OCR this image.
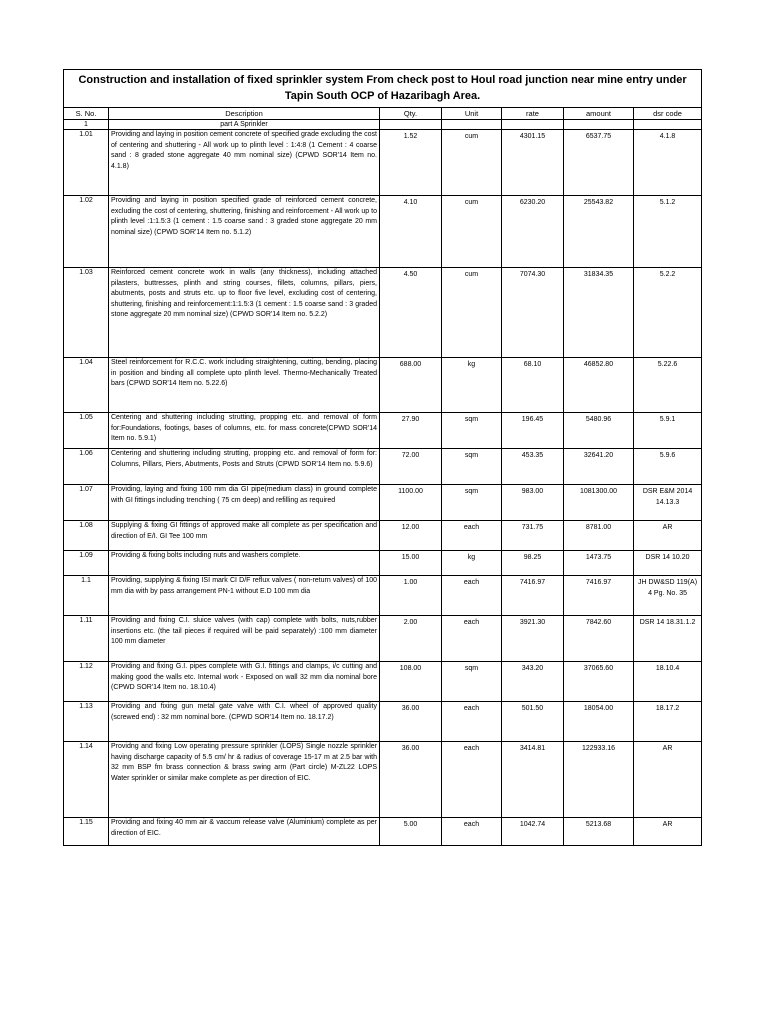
Construction and installation of fixed sprinkler system From check post to Houl road junction near mine entry under Tapin South OCP of Hazaribagh Area.						
S. No.	Description	Qty.	Unit	rate	amount	dsr code
1	part A Sprinkler					
1.01	Providing and laying in position cement concrete of specified grade excluding the cost of centering and shuttering - All work up to plinth level : 1:4:8 (1 Cement : 4 coarse sand : 8 graded stone aggregate 40 mm nominal size) (CPWD SOR'14 Item no. 4.1.8)	1.52	cum	4301.15	6537.75	4.1.8
1.02	Providing and laying in position specified grade of reinforced cement concrete, excluding the cost of centering, shuttering, finishing and reinforcement - All work up to plinth level :1:1.5:3 (1 cement : 1.5 coarse sand : 3 graded stone aggregate 20 mm nominal size) (CPWD SOR'14 Item no. 5.1.2)	4.10	cum	6230.20	25543.82	5.1.2
1.03	Reinforced cement concrete work in walls (any thickness), including attached pilasters, buttresses, plinth and string courses, fillets, columns, pillars, piers, abutments, posts and struts etc. up to floor five level, excluding cost of centering, shuttering, finishing and reinforcement:1:1.5:3 (1 cement : 1.5 coarse sand : 3 graded stone aggregate 20 mm nominal size) (CPWD SOR'14 Item no. 5.2.2)	4.50	cum	7074.30	31834.35	5.2.2
1.04	Steel reinforcement for R.C.C. work including straightening, cutting, bending, placing in position and binding all complete upto plinth level. Thermo-Mechanically Treated bars (CPWD SOR'14 Item no. 5.22.6)	688.00	kg	68.10	46852.80	5.22.6
1.05	Centering and shuttering including strutting, propping etc. and removal of form for:Foundations, footings, bases of columns, etc. for mass concrete(CPWD SOR'14 Item no. 5.9.1)	27.90	sqm	196.45	5480.96	5.9.1
1.06	Centering and shuttering including strutting, propping etc. and removal of form for: Columns, Pillars, Piers, Abutments, Posts and Struts (CPWD SOR'14 Item no. 5.9.6)	72.00	sqm	453.35	32641.20	5.9.6
1.07	Providing, laying and fixing 100 mm dia GI pipe(medium class) in ground complete with GI fittings including trenching ( 75 cm deep) and refilling as required	1100.00	sqm	983.00	1081300.00	DSR E&M 2014 14.13.3
1.08	Supplying & fixing GI fittings of approved make all complete as per specification and direction of E/I. GI Tee 100 mm	12.00	each	731.75	8781.00	AR
1.09	Providing & fixing bolts including nuts and washers complete.	15.00	kg	98.25	1473.75	DSR 14 10.20
1.1	Providing, supplying & fixing ISI mark CI D/F reflux valves ( non-return valves) of 100 mm dia with by pass arrangement PN-1 without E.D 100 mm dia	1.00	each	7416.97	7416.97	JH DW&SD 119(A) 4 Pg. No. 35
1.11	Providing and fixing C.I. sluice valves (with cap) complete with bolts, nuts,rubber insertions etc. (the tail pieces if required will be paid separately) :100 mm diameter 100 mm diameter	2.00	each	3921.30	7842.60	DSR 14 18.31.1.2
1.12	Providing and fixing G.I. pipes complete with G.I. fittings and clamps, i/c cutting and making good the walls etc. Internal work - Exposed on wall 32 mm dia nominal bore (CPWD SOR'14 Item no. 18.10.4)	108.00	sqm	343.20	37065.60	18.10.4
1.13	Providing and fixing gun metal gate valve with C.I. wheel of approved quality (screwed end) : 32 mm nominal bore. (CPWD SOR'14 Item no. 18.17.2)	36.00	each	501.50	18054.00	18.17.2
1.14	Providng and fixing Low operating pressure sprinkler (LOPS) Single nozzle sprinkler having discharge capacity of 5.5 cm/ hr & radius of coverage 15-17 m at 2.5 bar with 32 mm BSP fm brass connection & brass swing arm (Part circle) M-ZL22 LOPS Water sprinkler or similar make complete as per direction of EIC.	36.00	each	3414.81	122933.16	AR
1.15	Providing and fixing 40 mm air & vaccum release valve (Aluminium) complete as per direction of EIC.	5.00	each	1042.74	5213.68	AR
